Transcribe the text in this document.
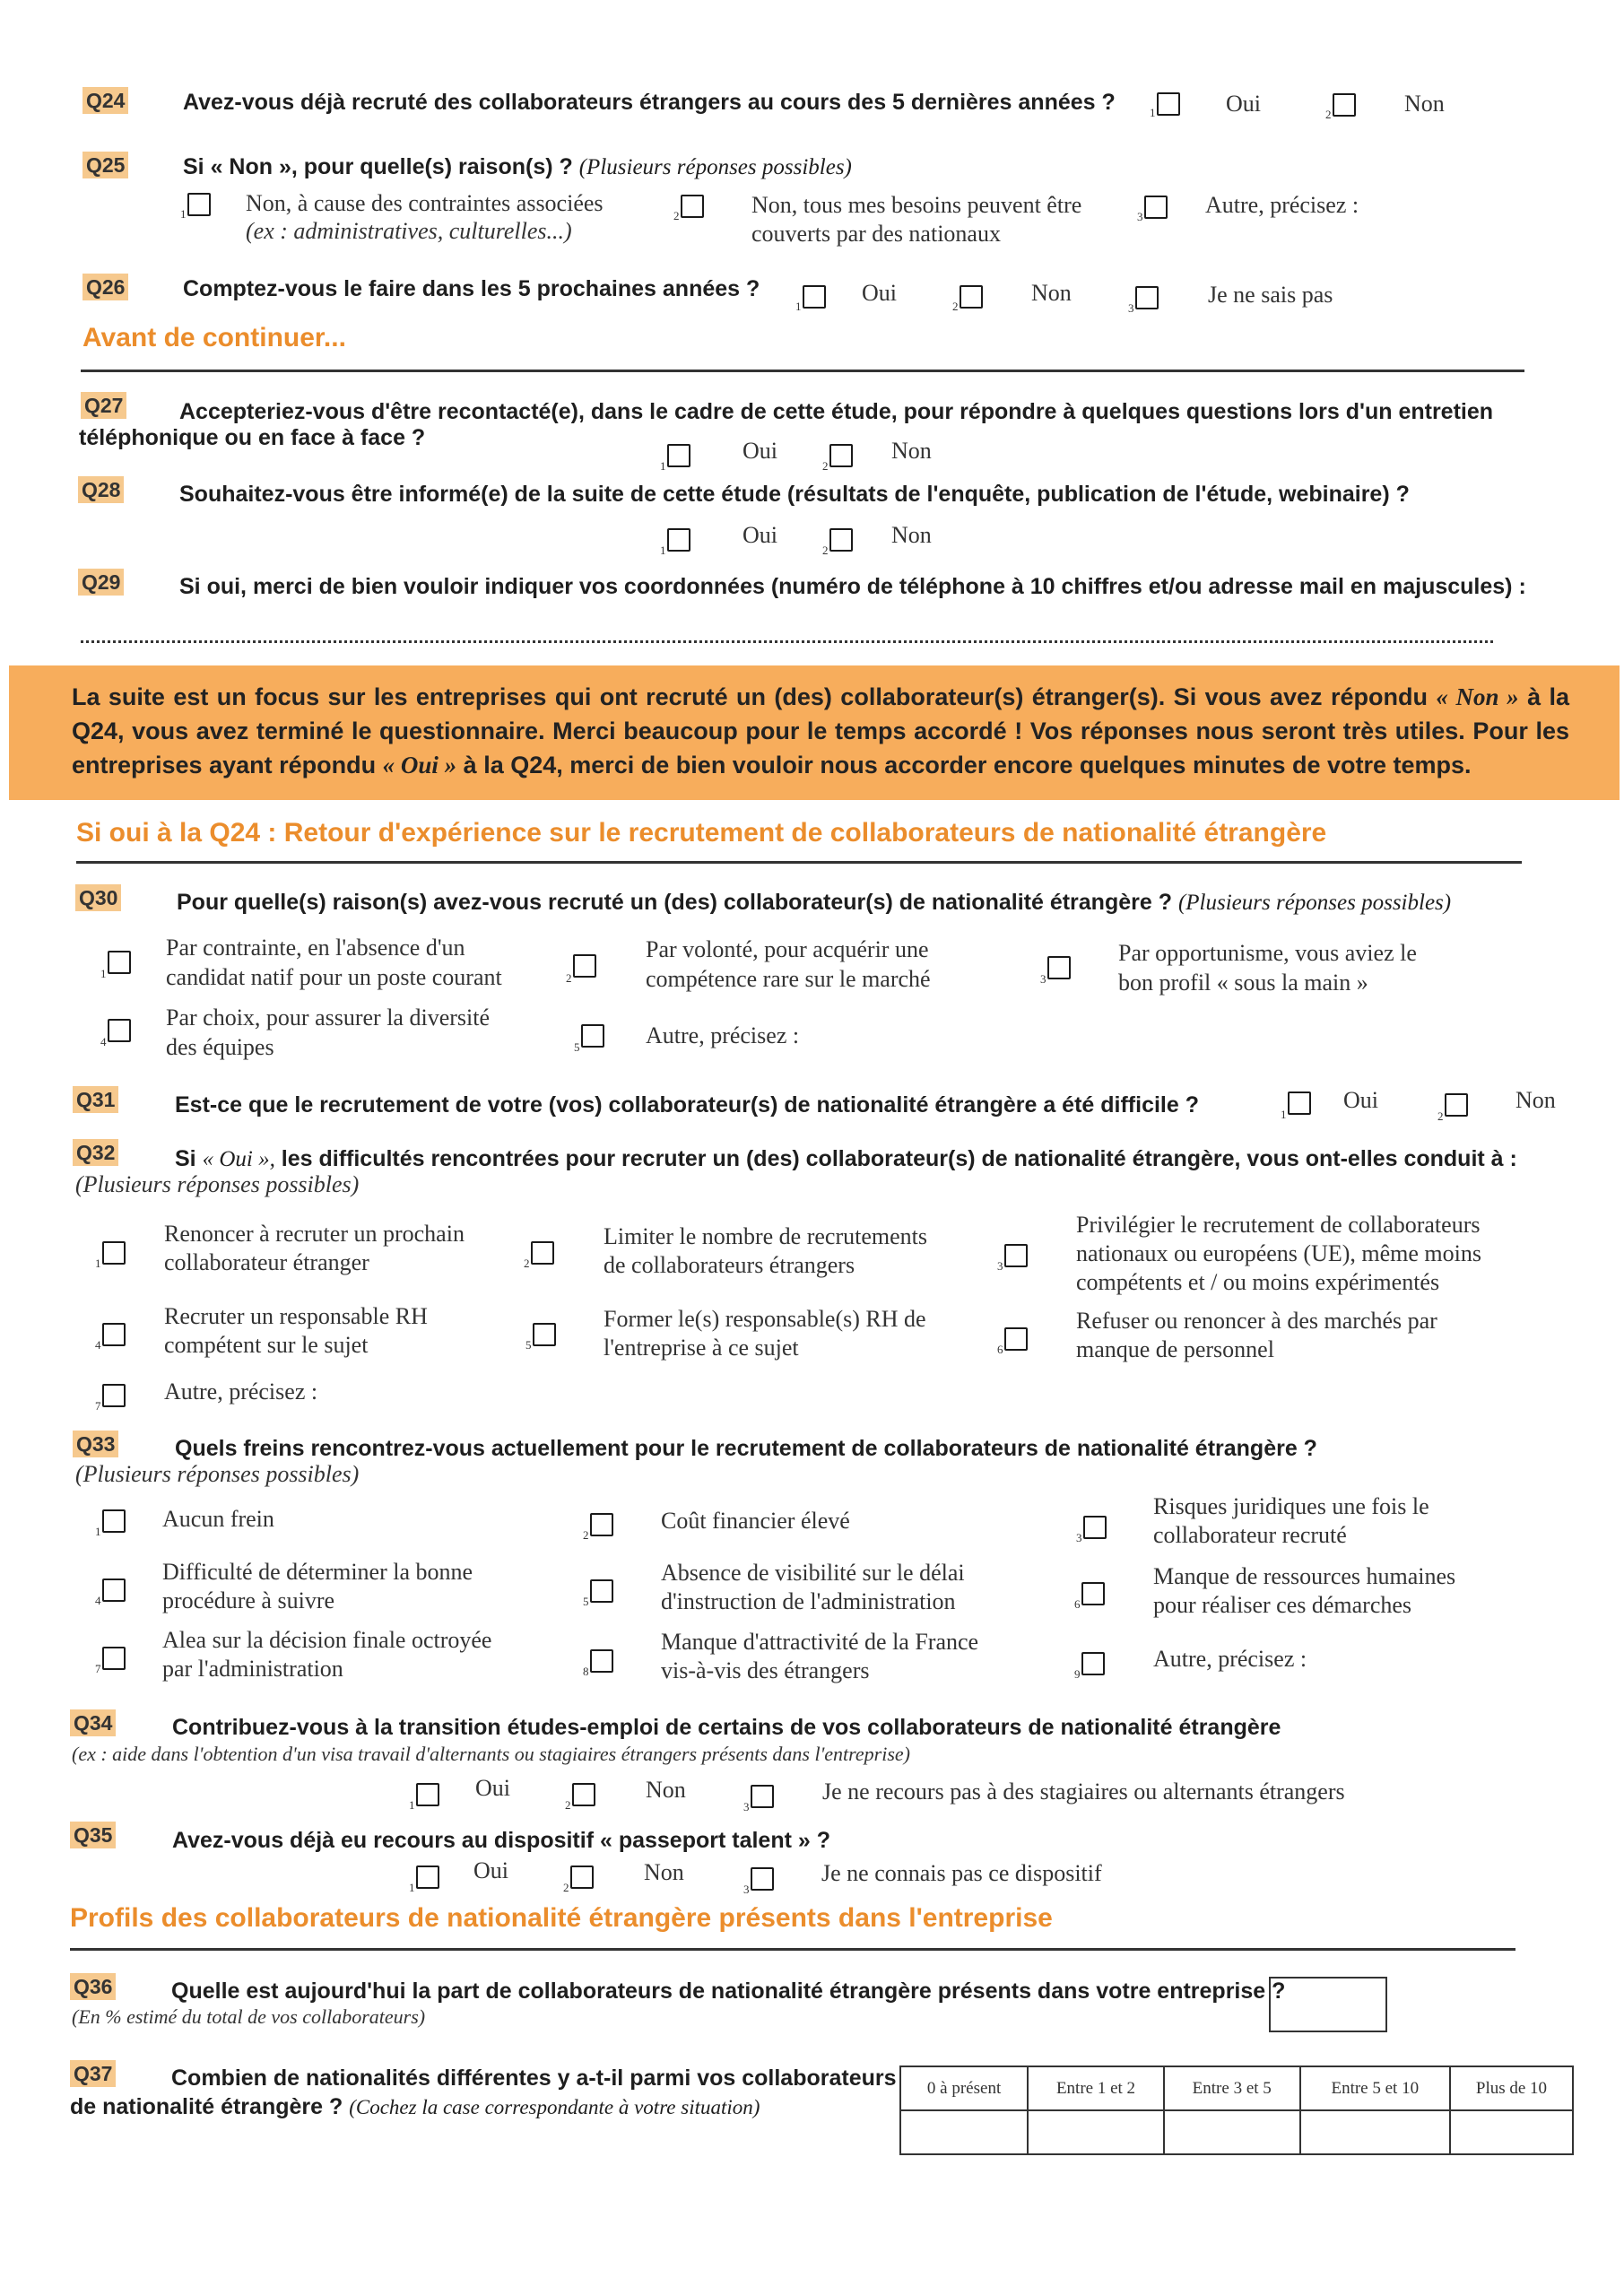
Q24	Avez-vous déjà recruté des collaborateurs étrangers au cours des 5 dernières années ?	1	Oui	2	Non
Q25	Si « Non », pour quelle(s) raison(s) ? (Plusieurs réponses possibles)
1	Non, à cause des contraintes associées
(ex : administratives, culturelles...)
2	Non, tous mes besoins peuvent être
couverts par des nationaux
3	Autre, précisez :
Q26	Comptez-vous le faire dans les 5 prochaines années ?
1
Oui
2
Non
3
Je ne sais pas
Avant de continuer...
Q27	Accepteriez-vous d'être recontacté(e), dans le cadre de cette étude, pour répondre à quelques questions lors d'un entretien
téléphonique ou en face à face ?
1
Oui
2
Non
Q28	Souhaitez-vous être informé(e) de la suite de cette étude (résultats de l'enquête, publication de l'étude, webinaire) ?
1
Oui
2
Non
Q29	Si oui, merci de bien vouloir indiquer vos coordonnées (numéro de téléphone à 10 chiffres et/ou adresse mail en majuscules) :
La suite est un focus sur les entreprises qui ont recruté un (des) collaborateur(s) étranger(s). Si vous avez répondu « Non » à la Q24, vous avez terminé le questionnaire. Merci beaucoup pour le temps accordé ! Vos réponses nous seront très utiles. Pour les entreprises ayant répondu « Oui » à la Q24, merci de bien vouloir nous accorder encore quelques minutes de votre temps.
Si oui à la Q24 : Retour d'expérience sur le recrutement de collaborateurs de nationalité étrangère
Q30	Pour quelle(s) raison(s) avez-vous recruté un (des) collaborateur(s) de nationalité étrangère ? (Plusieurs réponses possibles)
1
Par contrainte, en l'absence d'un
candidat natif pour un poste courant	2
Par volonté, pour acquérir une
compétence rare sur le marché	3
Par opportunisme, vous aviez le
bon profil « sous la main »
4
Par choix, pour assurer la diversité
des équipes	5	Autre, précisez :
Q31	Est-ce que le recrutement de votre (vos) collaborateur(s) de nationalité étrangère a été difficile ?	1
Oui
2
Non
Q32	Si « Oui », les difficultés rencontrées pour recruter un (des) collaborateur(s) de nationalité étrangère, vous ont-elles conduit à :
(Plusieurs réponses possibles)
1
Renoncer à recruter un prochain
collaborateur étranger	2
Limiter le nombre de recrutements
de collaborateurs étrangers	3
Privilégier le recrutement de collaborateurs
nationaux ou européens (UE), même moins
compétents et / ou moins expérimentés
4
Recruter un responsable RH
compétent sur le sujet	5
Former le(s) responsable(s) RH de
l'entreprise à ce sujet	6
Refuser ou renoncer à des marchés par
manque de personnel
7
Autre, précisez :
Q33	Quels freins rencontrez-vous actuellement pour le recrutement de collaborateurs de nationalité étrangère ?
(Plusieurs réponses possibles)
1	Aucun frein
2
Coût financier élevé
3
Risques juridiques une fois le
collaborateur recruté
4
Difficulté de déterminer la bonne
procédure à suivre	5
Absence de visibilité sur le délai
d'instruction de l'administration	6
Manque de ressources humaines
pour réaliser ces démarches
7
Alea sur la décision finale octroyée
par l'administration	8
Manque d'attractivité de la France
vis-à-vis des étrangers	9
Autre, précisez :
Q34	Contribuez-vous à la transition études-emploi de certains de vos collaborateurs de nationalité étrangère
(ex : aide dans l'obtention d'un visa travail d'alternants ou stagiaires étrangers présents dans l'entreprise)
1
Oui
2
Non
3
Je ne recours pas à des stagiaires ou alternants étrangers
Q35	Avez-vous déjà eu recours au dispositif « passeport talent » ?
1
Oui
2
Non
3
Je ne connais pas ce dispositif
Profils des collaborateurs de nationalité étrangère présents dans l'entreprise
Q36	Quelle est aujourd'hui la part de collaborateurs de nationalité étrangère présents dans votre entreprise ?
(En % estimé du total de vos collaborateurs)
Q37	Combien de nationalités différentes y a-t-il parmi vos collaborateurs
de nationalité étrangère ? (Cochez la case correspondante à votre situation)
0 à présent	Entre 1 et 2	Entre 3 et 5	Entre 5 et 10	Plus de 10
